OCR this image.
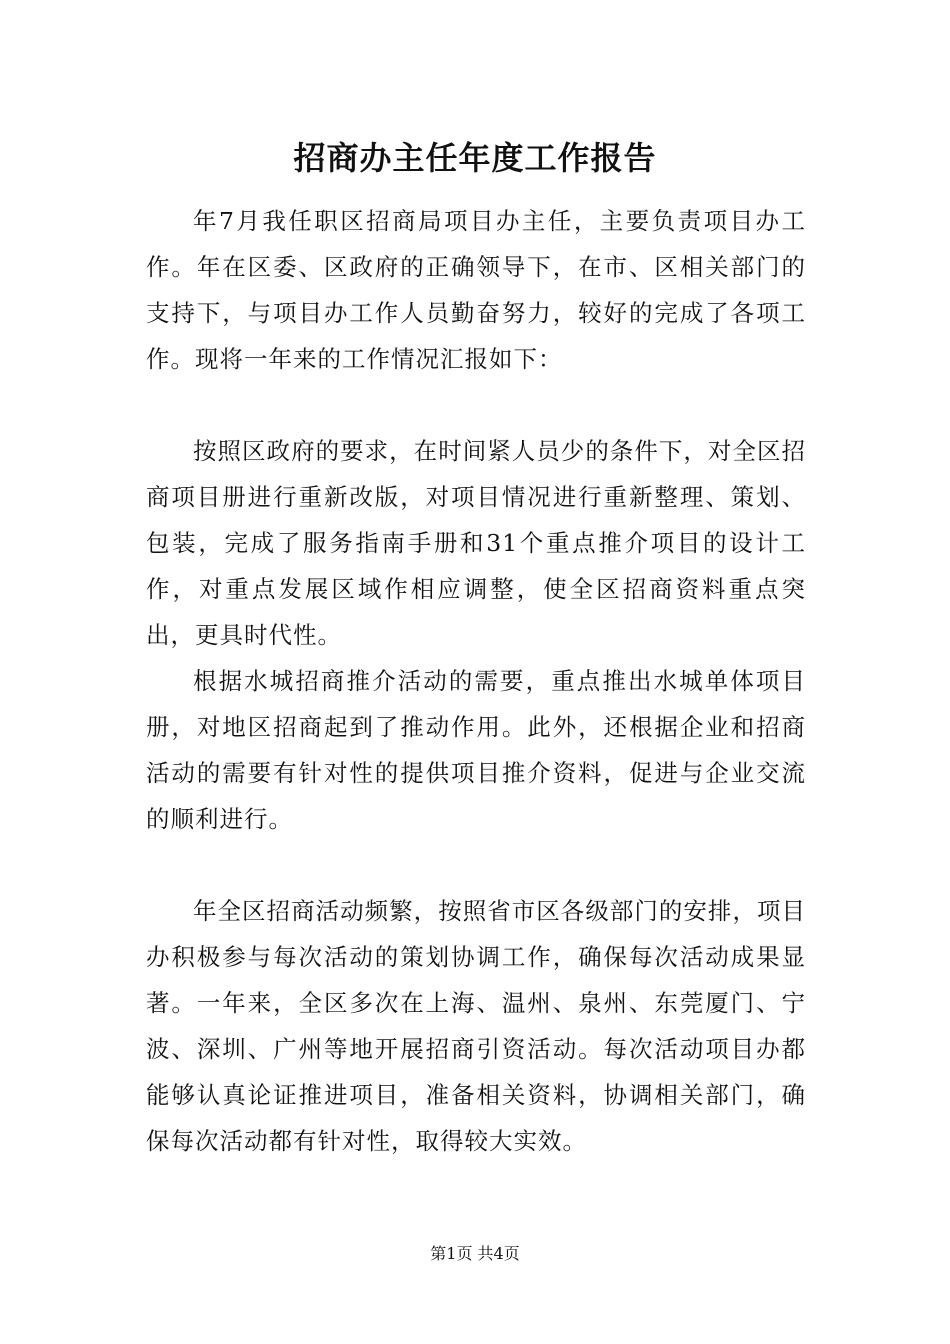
招商办主任年度工作报告

年7月我任职区招商局项目办主任，主要负责项目办工作。年在区委、区政府的正确领导下，在市、区相关部门的支持下，与项目办工作人员勤奋努力，较好的完成了各项工作。现将一年来的工作情况汇报如下：

按照区政府的要求，在时间紧人员少的条件下，对全区招商项目册进行重新改版，对项目情况进行重新整理、策划、包装，完成了服务指南手册和31个重点推介项目的设计工作，对重点发展区域作相应调整，使全区招商资料重点突出，更具时代性。

根据水城招商推介活动的需要，重点推出水城单体项目册，对地区招商起到了推动作用。此外，还根据企业和招商活动的需要有针对性的提供项目推介资料，促进与企业交流的顺利进行。

年全区招商活动频繁，按照省市区各级部门的安排，项目办积极参与每次活动的策划协调工作，确保每次活动成果显著。一年来，全区多次在上海、温州、泉州、东莞厦门、宁波、深圳、广州等地开展招商引资活动。每次活动项目办都能够认真论证推进项目，准备相关资料，协调相关部门，确保每次活动都有针对性，取得较大实效。

第1页 共4页
